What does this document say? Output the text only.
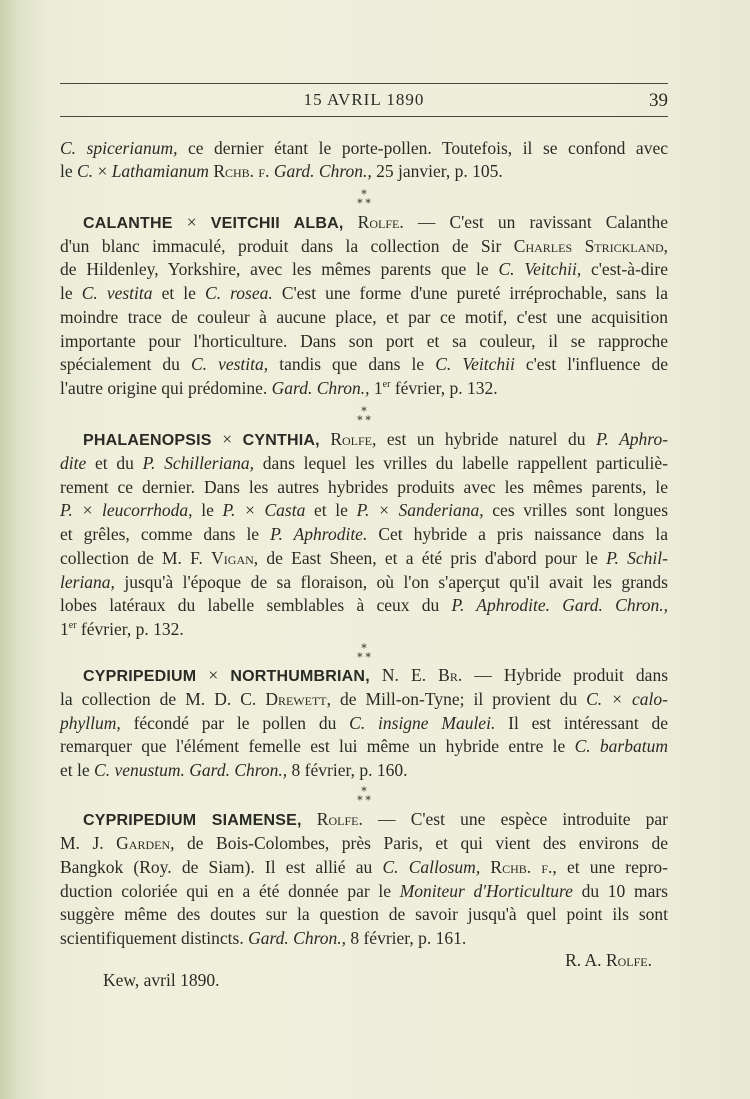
15 AVRIL 1890	39
C. spicerianum, ce dernier étant le porte-pollen. Toutefois, il se confond avec
le C. × Lathamianum Rchb. f. Gard. Chron., 25 janvier, p. 105.
⁎
⁎ ⁎
CALANTHE × VEITCHII ALBA, Rolfe. — C'est un ravissant Calanthe
d'un blanc immaculé, produit dans la collection de Sir Charles Strickland,
de Hildenley, Yorkshire, avec les mêmes parents que le C. Veitchii, c'est-à-dire
le C. vestita et le C. rosea. C'est une forme d'une pureté irréprochable, sans la
moindre trace de couleur à aucune place, et par ce motif, c'est une acquisition
importante pour l'horticulture. Dans son port et sa couleur, il se rapproche
spécialement du C. vestita, tandis que dans le C. Veitchii c'est l'influence de
l'autre origine qui prédomine. Gard. Chron., 1er février, p. 132.
⁎
⁎ ⁎
PHALAENOPSIS × CYNTHIA, Rolfe, est un hybride naturel du P. Aphro-
dite et du P. Schilleriana, dans lequel les vrilles du labelle rappellent particuliè-
rement ce dernier. Dans les autres hybrides produits avec les mêmes parents, le
P. × leucorrhoda, le P. × Casta et le P. × Sanderiana, ces vrilles sont longues
et grêles, comme dans le P. Aphrodite. Cet hybride a pris naissance dans la
collection de M. F. Vigan, de East Sheen, et a été pris d'abord pour le P. Schil-
leriana, jusqu'à l'époque de sa floraison, où l'on s'aperçut qu'il avait les grands
lobes latéraux du labelle semblables à ceux du P. Aphrodite. Gard. Chron.,
1er février, p. 132.
⁎
⁎ ⁎
CYPRIPEDIUM × NORTHUMBRIAN, N. E. Br. — Hybride produit dans
la collection de M. D. C. Drewett, de Mill-on-Tyne; il provient du C. × calo-
phyllum, fécondé par le pollen du C. insigne Maulei. Il est intéressant de
remarquer que l'élément femelle est lui même un hybride entre le C. barbatum
et le C. venustum. Gard. Chron., 8 février, p. 160.
⁎
⁎ ⁎
CYPRIPEDIUM SIAMENSE, Rolfe. — C'est une espèce introduite par
M. J. Garden, de Bois-Colombes, près Paris, et qui vient des environs de
Bangkok (Roy. de Siam). Il est allié au C. Callosum, Rchb. f., et une repro-
duction coloriée qui en a été donnée par le Moniteur d'Horticulture du 10 mars
suggère même des doutes sur la question de savoir jusqu'à quel point ils sont
scientifiquement distincts. Gard. Chron., 8 février, p. 161.
R. A. Rolfe.
Kew, avril 1890.
